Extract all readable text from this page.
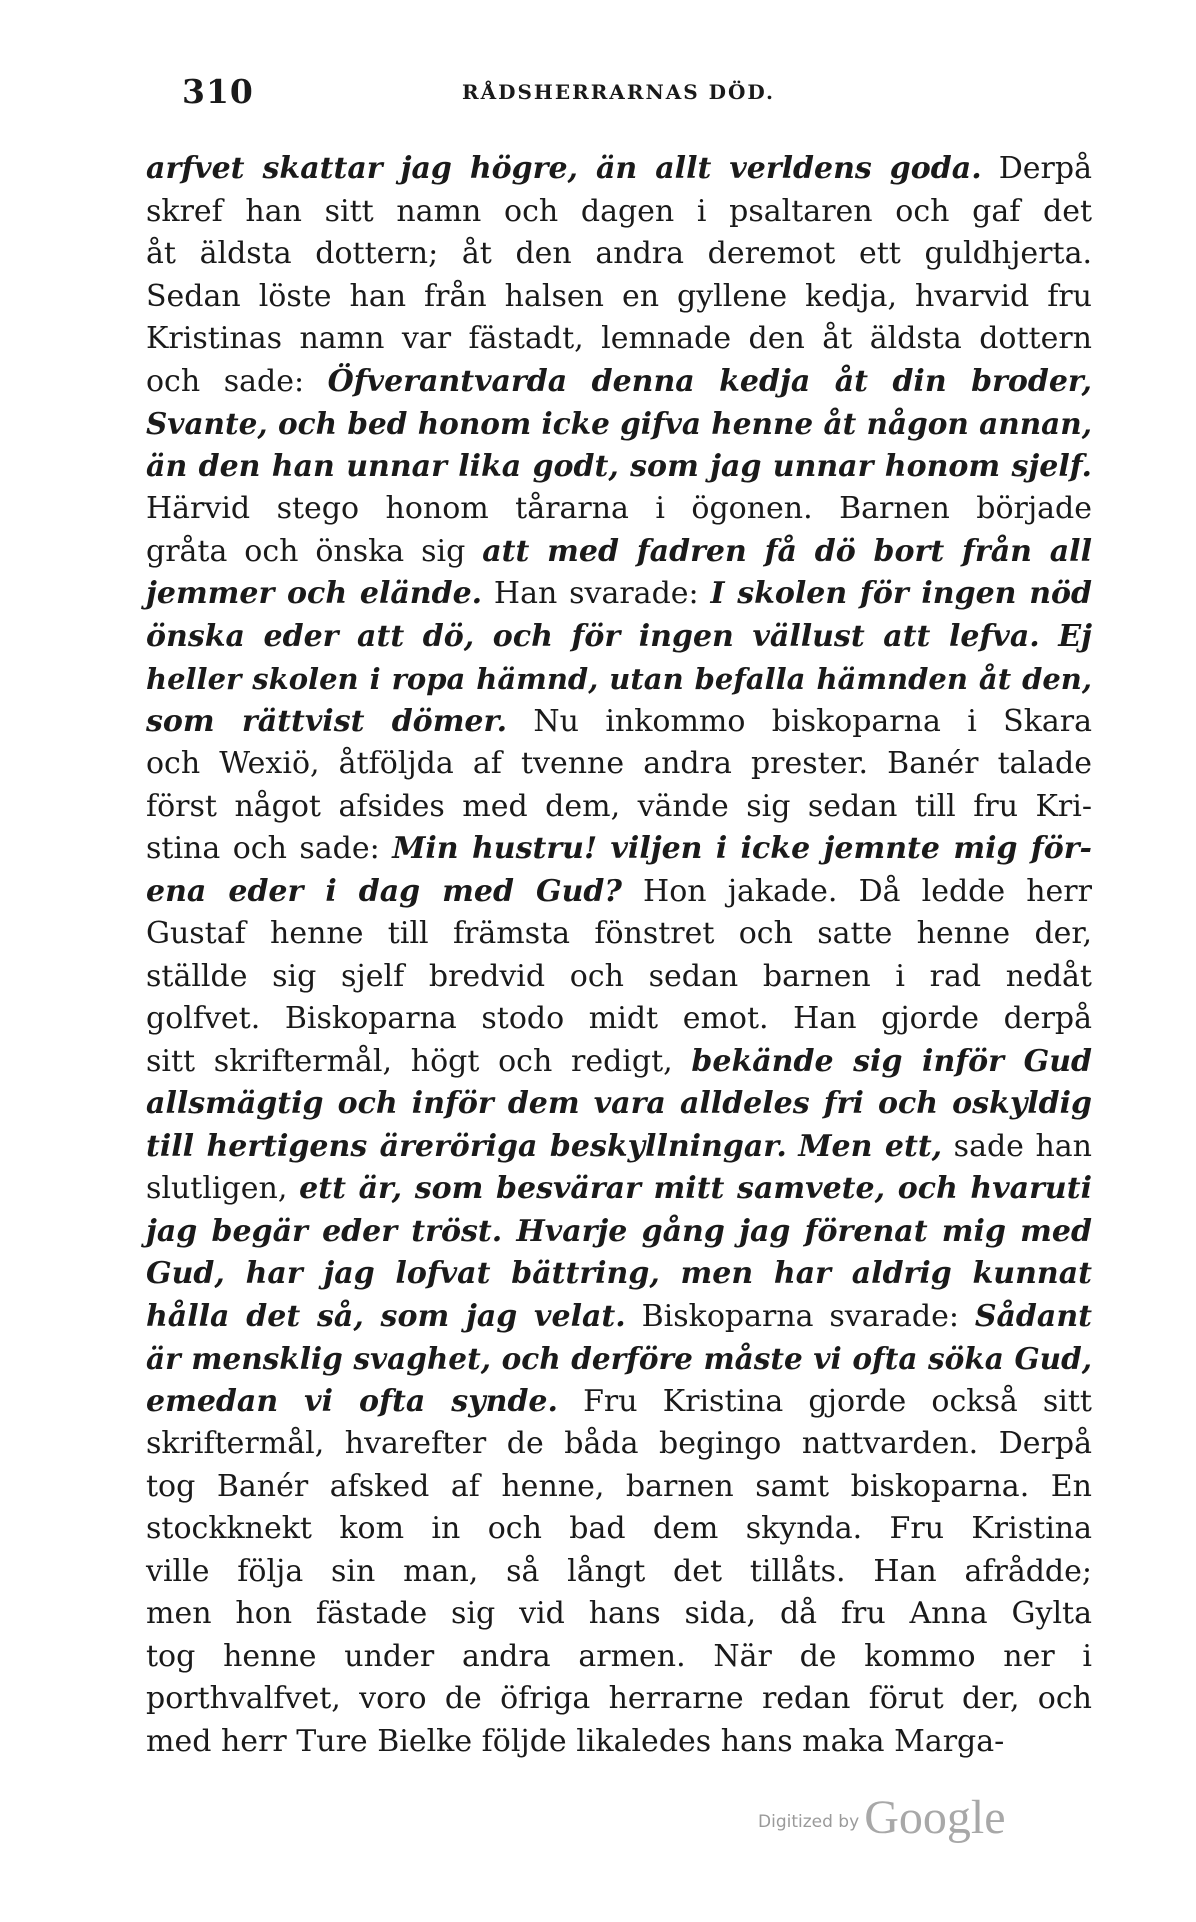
310	RÅDSHERRARNAS DÖD.
arfvet skattar jag högre, än allt verldens goda. Derpå
skref han sitt namn och dagen i psaltaren och gaf det
åt äldsta dottern; åt den andra deremot ett guldhjerta.
Sedan löste han från halsen en gyllene kedja, hvarvid fru
Kristinas namn var fästadt, lemnade den åt äldsta dottern
och sade: Öfverantvarda denna kedja åt din broder,
Svante, och bed honom icke gifva henne åt någon annan,
än den han unnar lika godt, som jag unnar honom sjelf.
Härvid stego honom tårarna i ögonen. Barnen började
gråta och önska sig att med fadren få dö bort från all
jemmer och elände. Han svarade: I skolen för ingen nöd
önska eder att dö, och för ingen vällust att lefva. Ej
heller skolen i ropa hämnd, utan befalla hämnden åt den,
som rättvist dömer. Nu inkommo biskoparna i Skara
och Wexiö, åtföljda af tvenne andra prester. Banér talade
först något afsides med dem, vände sig sedan till fru Kri-
stina och sade: Min hustru! viljen i icke jemnte mig för-
ena eder i dag med Gud? Hon jakade. Då ledde herr
Gustaf henne till främsta fönstret och satte henne der,
ställde sig sjelf bredvid och sedan barnen i rad nedåt
golfvet. Biskoparna stodo midt emot. Han gjorde derpå
sitt skriftermål, högt och redigt, bekände sig inför Gud
allsmägtig och inför dem vara alldeles fri och oskyldig
till hertigens äreröriga beskyllningar. Men ett, sade han
slutligen, ett är, som besvärar mitt samvete, och hvaruti
jag begär eder tröst. Hvarje gång jag förenat mig med
Gud, har jag lofvat bättring, men har aldrig kunnat
hålla det så, som jag velat. Biskoparna svarade: Sådant
är mensklig svaghet, och derföre måste vi ofta söka Gud,
emedan vi ofta synde. Fru Kristina gjorde också sitt
skriftermål, hvarefter de båda begingo nattvarden. Derpå
tog Banér afsked af henne, barnen samt biskoparna. En
stockknekt kom in och bad dem skynda. Fru Kristina
ville följa sin man, så långt det tillåts. Han afrådde;
men hon fästade sig vid hans sida, då fru Anna Gylta
tog henne under andra armen. När de kommo ner i
porthvalfvet, voro de öfriga herrarne redan förut der, och
med herr Ture Bielke följde likaledes hans maka Marga-
Digitized by Google
